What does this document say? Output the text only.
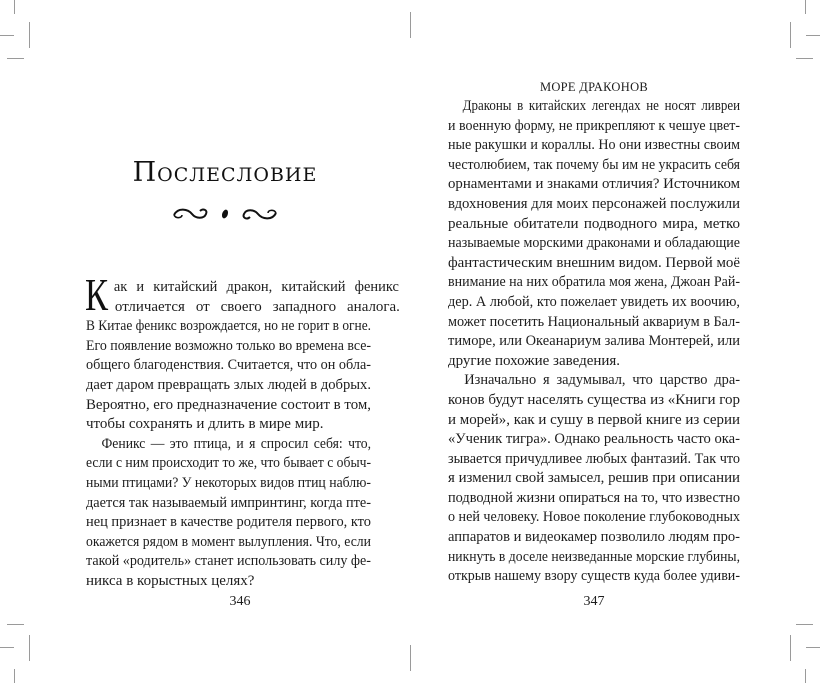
Послесловие
К ак и китайский дракон, китайский феникс
отличается от своего западного аналога.
В Китае феникс возрождается, но не горит в огне.
Его появление возможно только во времена все-
общего благоденствия. Считается, что он обла-
дает даром превращать злых людей в добрых.
Вероятно, его предназначение состоит в том,
чтобы сохранять и длить в мире мир.
Феникс — это птица, и я спросил себя: что,
если с ним происходит то же, что бывает с обыч-
ными птицами? У некоторых видов птиц наблю-
дается так называемый импринтинг, когда пте-
нец признает в качестве родителя первого, кто
окажется рядом в момент вылупления. Что, если
такой «родитель» станет использовать силу фе-
никса в корыстных целях?
346
МОРЕ ДРАКОНОВ
Драконы в китайских легендах не носят ливреи
и военную форму, не прикрепляют к чешуе цвет-
ные ракушки и кораллы. Но они известны своим
честолюбием, так почему бы им не украсить себя
орнаментами и знаками отличия? Источником
вдохновения для моих персонажей послужили
реальные обитатели подводного мира, метко
называемые морскими драконами и обладающие
фантастическим внешним видом. Первой моё
внимание на них обратила моя жена, Джоан Рай-
дер. А любой, кто пожелает увидеть их воочию,
может посетить Национальный аквариум в Бал-
тиморе, или Океанариум залива Монтерей, или
другие похожие заведения.
Изначально я задумывал, что царство дра-
конов будут населять существа из «Книги гор
и морей», как и сушу в первой книге из серии
«Ученик тигра». Однако реальность часто ока-
зывается причудливее любых фантазий. Так что
я изменил свой замысел, решив при описании
подводной жизни опираться на то, что известно
о ней человеку. Новое поколение глубоководных
аппаратов и видеокамер позволило людям про-
никнуть в доселе неизведанные морские глубины,
открыв нашему взору существ куда более удиви-
347
